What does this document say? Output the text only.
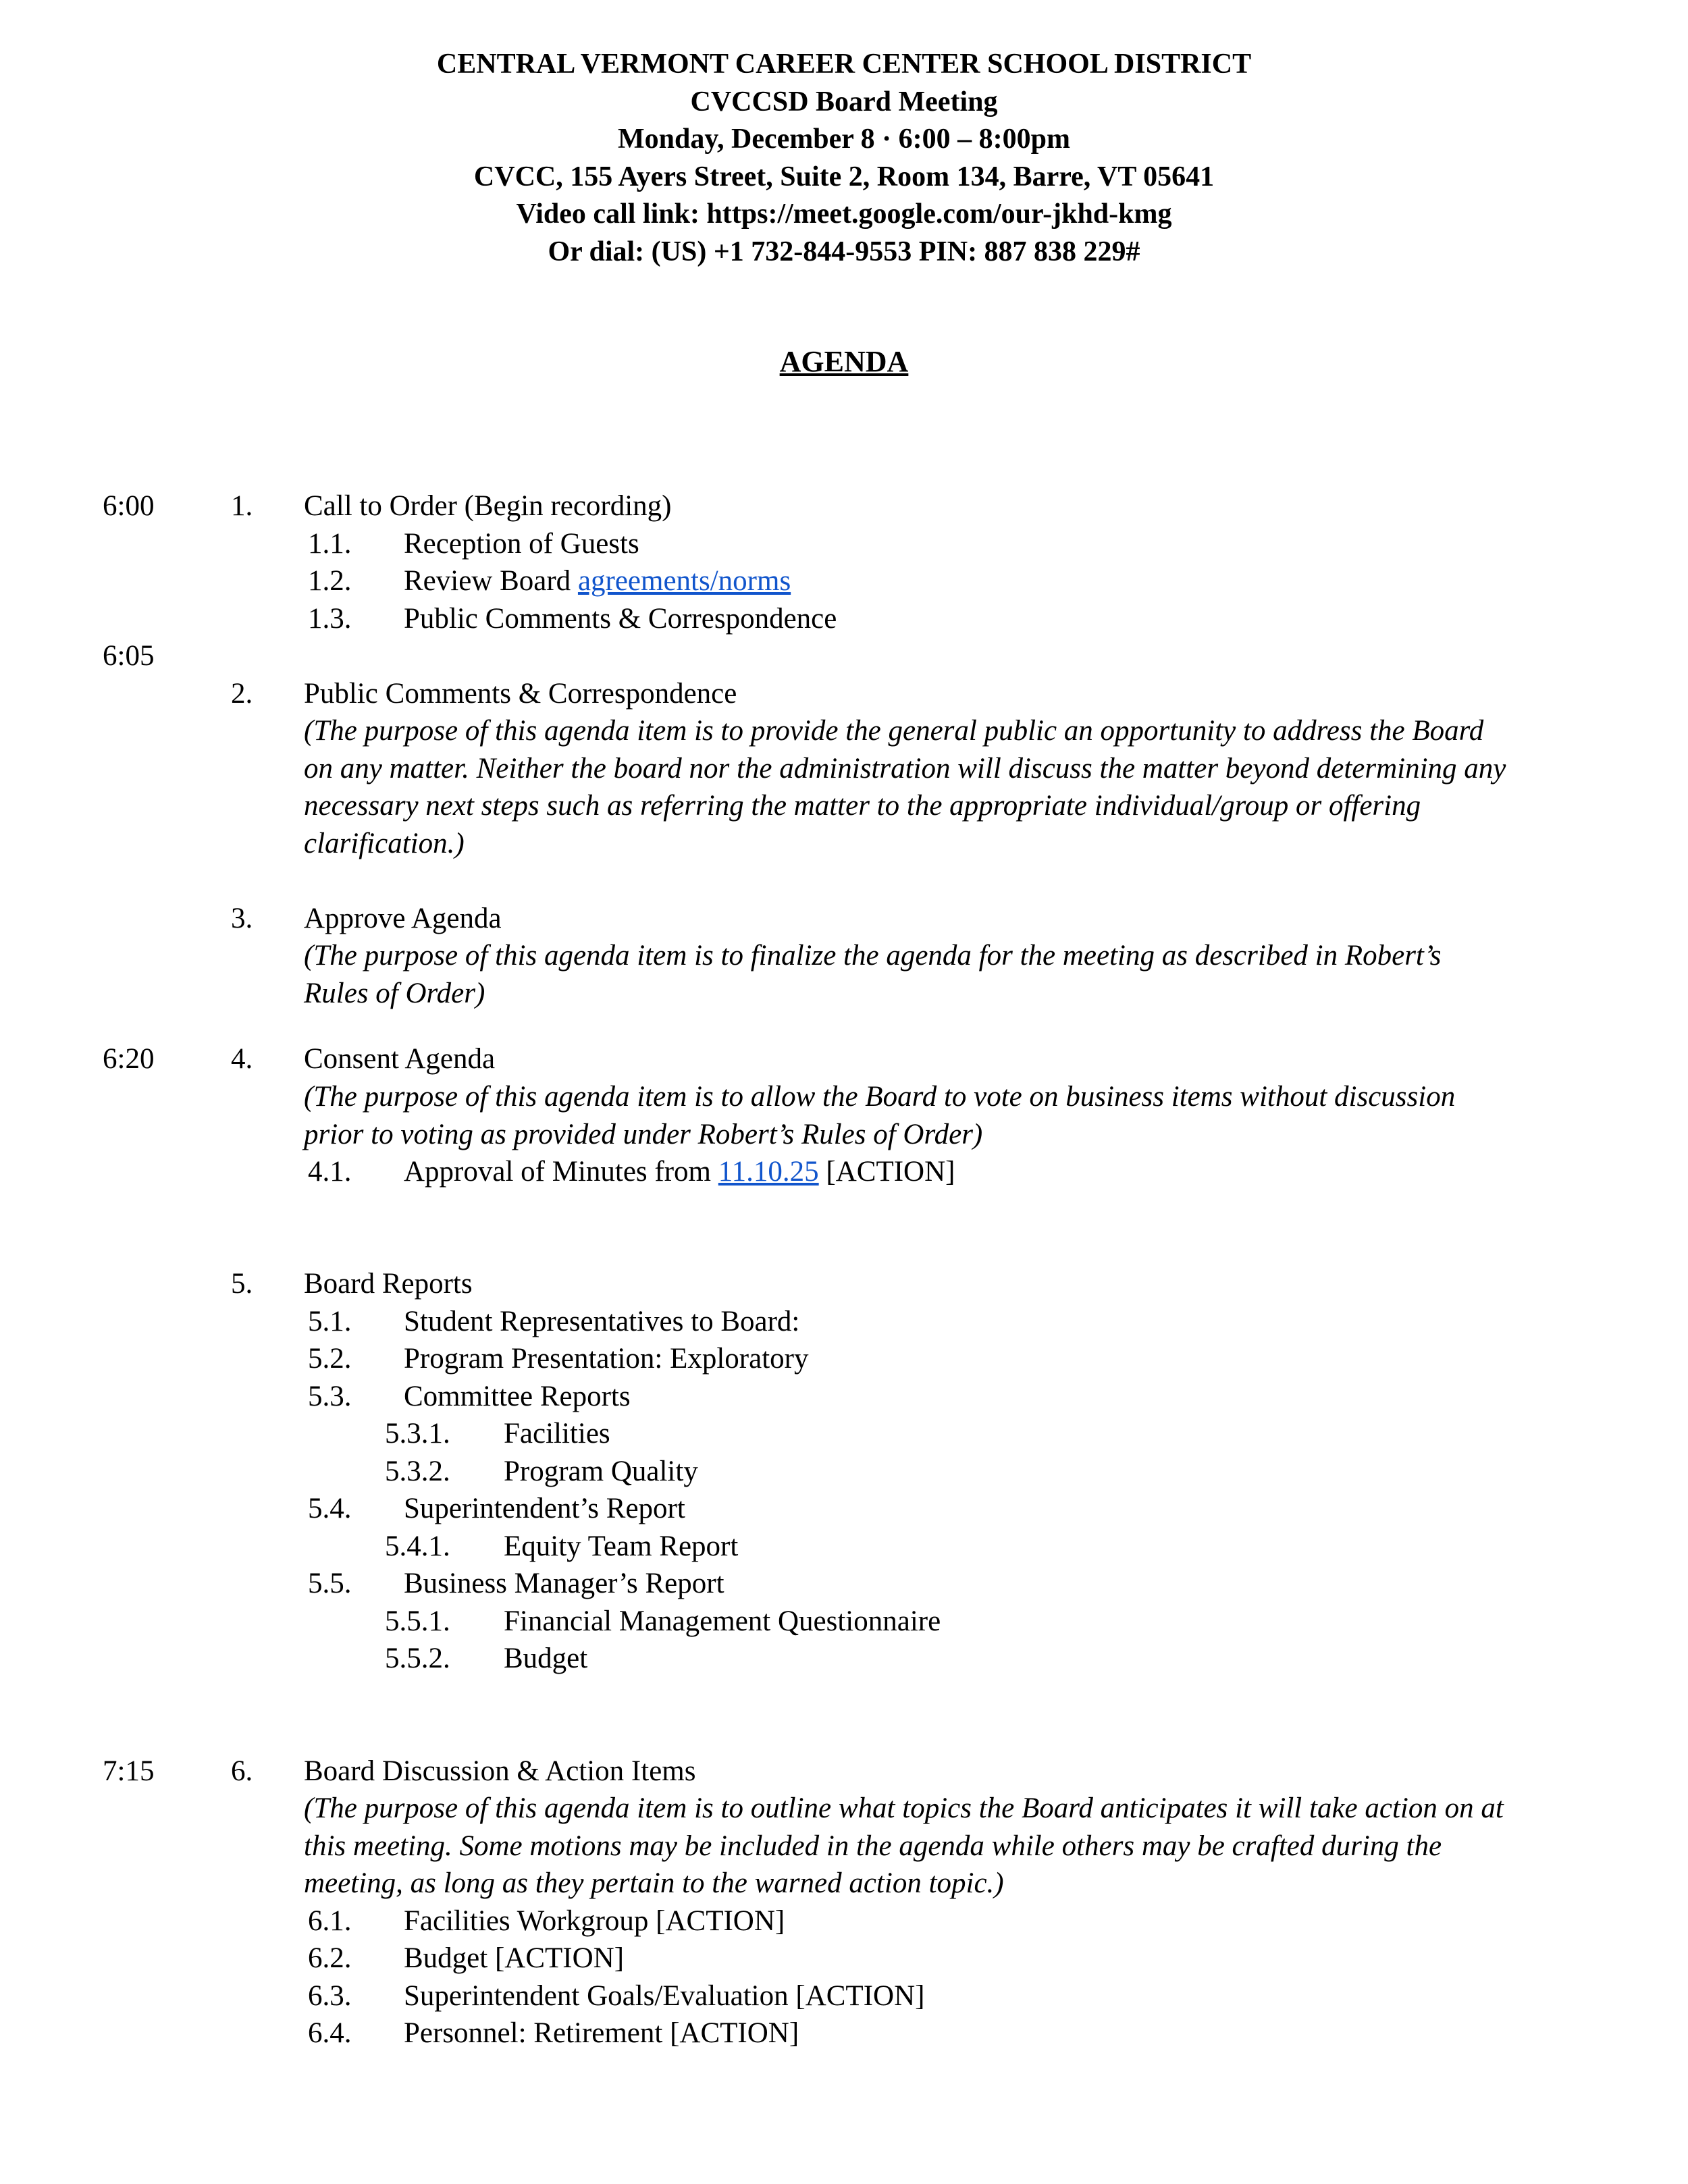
CENTRAL VERMONT CAREER CENTER SCHOOL DISTRICT
CVCCSD Board Meeting
Monday, December 8 · 6:00 – 8:00pm
CVCC, 155 Ayers Street, Suite 2, Room 134, Barre, VT 05641
Video call link: https://meet.google.com/our-jkhd-kmg
Or dial: (US) +1 732-844-9553 PIN: 887 838 229#
AGENDA
6:00	1. Call to Order (Begin recording)
1.1. Reception of Guests
1.2. Review Board agreements/norms
1.3. Public Comments & Correspondence
6:05
2. Public Comments & Correspondence
(The purpose of this agenda item is to provide the general public an opportunity to address the Board on any matter. Neither the board nor the administration will discuss the matter beyond determining any necessary next steps such as referring the matter to the appropriate individual/group or offering clarification.)
3. Approve Agenda
(The purpose of this agenda item is to finalize the agenda for the meeting as described in Robert’s Rules of Order)
6:20	4. Consent Agenda
(The purpose of this agenda item is to allow the Board to vote on business items without discussion prior to voting as provided under Robert’s Rules of Order)
4.1. Approval of Minutes from 11.10.25 [ACTION]
5. Board Reports
5.1. Student Representatives to Board:
5.2. Program Presentation: Exploratory
5.3. Committee Reports
5.3.1. Facilities
5.3.2. Program Quality
5.4. Superintendent’s Report
5.4.1. Equity Team Report
5.5. Business Manager’s Report
5.5.1. Financial Management Questionnaire
5.5.2. Budget
7:15	6. Board Discussion & Action Items
(The purpose of this agenda item is to outline what topics the Board anticipates it will take action on at this meeting. Some motions may be included in the agenda while others may be crafted during the meeting, as long as they pertain to the warned action topic.)
6.1. Facilities Workgroup [ACTION]
6.2. Budget [ACTION]
6.3. Superintendent Goals/Evaluation [ACTION]
6.4. Personnel: Retirement [ACTION]
